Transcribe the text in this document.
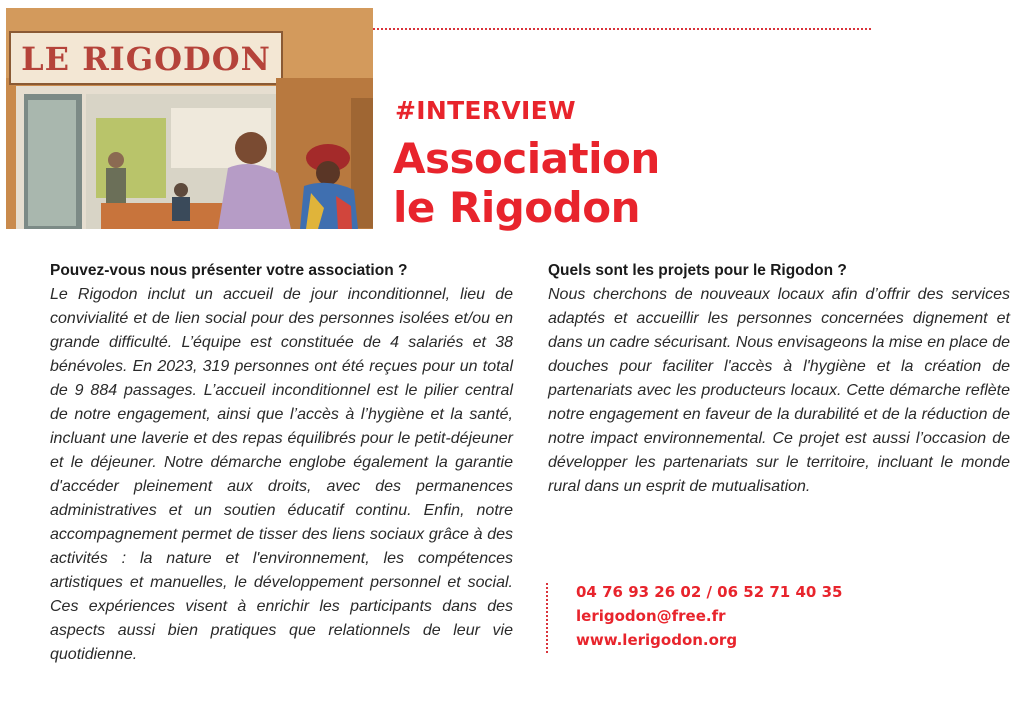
LE RIGODON
#INTERVIEW
Association
le Rigodon

Pouvez-vous nous présenter votre association ?

Le Rigodon inclut un accueil de jour inconditionnel, lieu de convivialité et de lien social pour des personnes isolées et/ou en grande difficulté. L’équipe est constituée de 4 salariés et 38 bénévoles. En 2023, 319 personnes ont été reçues pour un total de 9 884 passages. L’accueil inconditionnel est le pilier central de notre engagement, ainsi que l’accès à l’hygiène et la santé, incluant une laverie et des repas équilibrés pour le petit-déjeuner et le déjeuner. Notre démarche englobe également la garantie d'accéder pleinement aux droits, avec des permanences administratives et un soutien éducatif continu. Enfin, notre accompagnement permet de tisser des liens sociaux grâce à des activités : la nature et l'environnement, les compétences artistiques et manuelles, le développement personnel et social. Ces expériences visent à enrichir les participants dans des aspects aussi bien pratiques que relationnels de leur vie quotidienne.

Quels sont les projets pour le Rigodon ?

Nous cherchons de nouveaux locaux afin d’offrir des services adaptés et accueillir les personnes concernées dignement et dans un cadre sécurisant. Nous envisageons la mise en place de douches pour faciliter l'accès à l'hygiène et la création de partenariats avec les producteurs locaux. Cette démarche reflète notre engagement en faveur de la durabilité et de la réduction de notre impact environnemental. Ce projet est aussi l’occasion de développer les partenariats sur le territoire, incluant le monde rural dans un esprit de mutualisation.

04 76 93 26 02 / 06 52 71 40 35
lerigodon@free.fr
www.lerigodon.org
